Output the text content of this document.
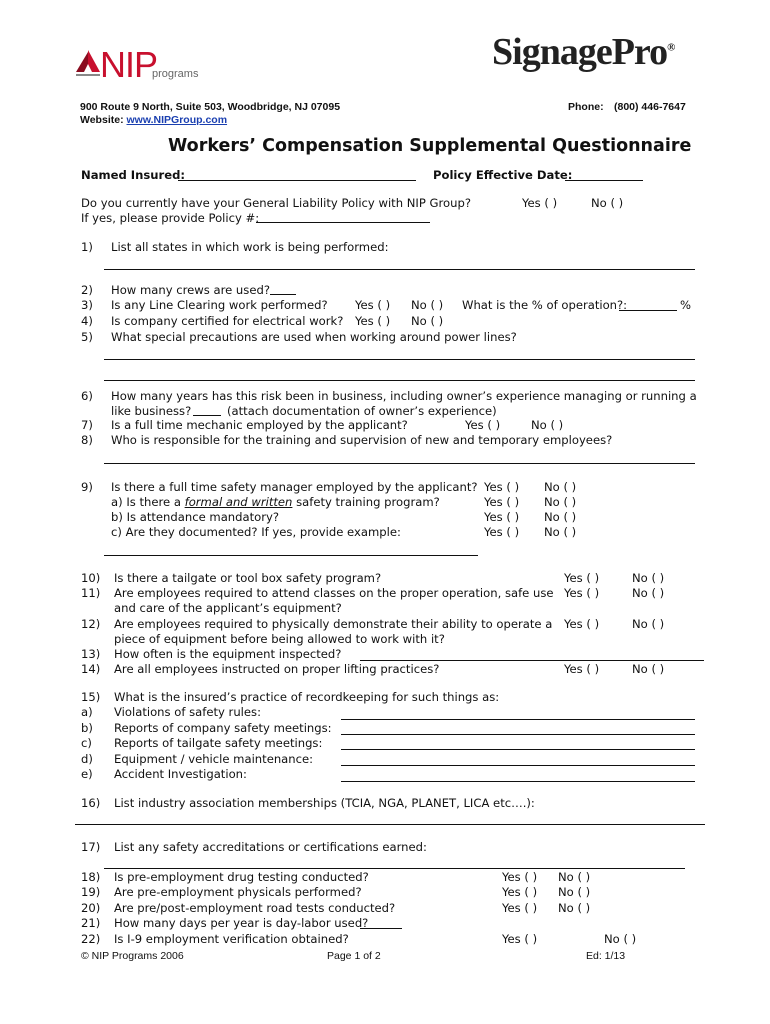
NIP
programs
SignagePro®
900 Route 9 North, Suite 503, Woodbridge, NJ 07095
Website: www.NIPGroup.com
Phone: (800) 446-7647
Workers’ Compensation Supplemental Questionnaire
Named Insured:	Policy Effective Date:
Do you currently have your General Liability Policy with NIP Group?	Yes ( )	No ( )
If yes, please provide Policy #:
1) List all states in which work is being performed:
2) How many crews are used?
3) Is any Line Clearing work performed? Yes ( ) No ( ) What is the % of operation?:	%
4) Is company certified for electrical work? Yes ( ) No ( )
5) What special precautions are used when working around power lines?
6) How many years has this risk been in business, including owner’s experience managing or running a
like business?	(attach documentation of owner’s experience)
7) Is a full time mechanic employed by the applicant?	Yes ( )	No ( )
8) Who is responsible for the training and supervision of new and temporary employees?
9) Is there a full time safety manager employed by the applicant? Yes ( ) No ( )
a) Is there a formal and written safety training program?	Yes ( ) No ( )
b) Is attendance mandatory?	Yes ( ) No ( )
c) Are they documented? If yes, provide example:	Yes ( ) No ( )
10) Is there a tailgate or tool box safety program?	Yes ( )	No ( )
11) Are employees required to attend classes on the proper operation, safe use
and care of the applicant’s equipment?
Yes ( )	No ( )
12) Are employees required to physically demonstrate their ability to operate a
piece of equipment before being allowed to work with it?
Yes ( )	No ( )
13) How often is the equipment inspected?
14) Are all employees instructed on proper lifting practices?	Yes ( )	No ( )
15) What is the insured’s practice of recordkeeping for such things as:
a) Violations of safety rules:
b) Reports of company safety meetings:
c) Reports of tailgate safety meetings:
d) Equipment / vehicle maintenance:
e) Accident Investigation:
16) List industry association memberships (TCIA, NGA, PLANET, LICA etc….):
17) List any safety accreditations or certifications earned:
18) Is pre-employment drug testing conducted?	Yes ( ) No ( )
19) Are pre-employment physicals performed?	Yes ( ) No ( )
20) Are pre/post-employment road tests conducted?	Yes ( ) No ( )
21) How many days per year is day-labor used?
22) Is I-9 employment verification obtained?	Yes ( )	No ( )
© NIP Programs 2006	Page 1 of 2	Ed: 1/13
